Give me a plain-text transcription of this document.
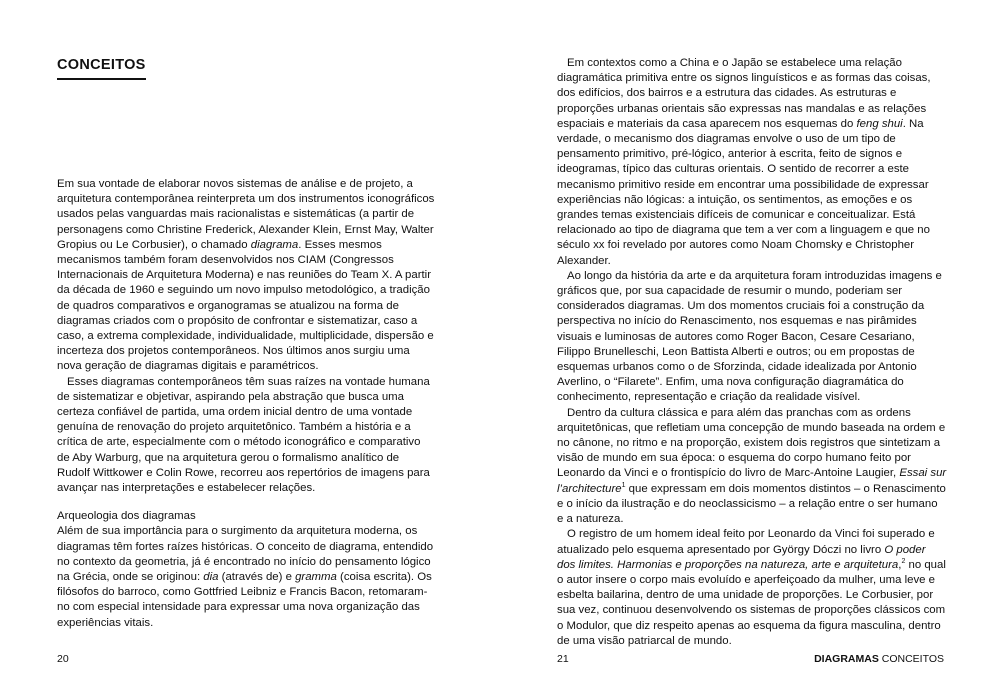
CONCEITOS

Em sua vontade de elaborar novos sistemas de análise e de projeto, a arquitetura contemporânea reinterpreta um dos instrumentos iconográficos usados pelas vanguardas mais racionalistas e sistemáticas (a partir de personagens como Christine Frederick, Alexander Klein, Ernst May, Walter Gropius ou Le Corbusier), o chamado diagrama. Esses mesmos mecanismos também foram desenvolvidos nos CIAM (Congressos Internacionais de Arquitetura Moderna) e nas reuniões do Team X. A partir da década de 1960 e seguindo um novo impulso metodológico, a tradição de quadros comparativos e organogramas se atualizou na forma de diagramas criados com o propósito de confrontar e sistematizar, caso a caso, a extrema complexidade, individualidade, multiplicidade, dispersão e incerteza dos projetos contemporâneos. Nos últimos anos surgiu uma nova geração de diagramas digitais e paramétricos.

Esses diagramas contemporâneos têm suas raízes na vontade humana de sistematizar e objetivar, aspirando pela abstração que busca uma certeza confiável de partida, uma ordem inicial dentro de uma vontade genuína de renovação do projeto arquitetônico. Também a história e a crítica de arte, especialmente com o método iconográfico e comparativo de Aby Warburg, que na arquitetura gerou o formalismo analítico de Rudolf Wittkower e Colin Rowe, recorreu aos repertórios de imagens para avançar nas interpretações e estabelecer relações.

Arqueologia dos diagramas

Além de sua importância para o surgimento da arquitetura moderna, os diagramas têm fortes raízes históricas. O conceito de diagrama, entendido no contexto da geometria, já é encontrado no início do pensamento lógico na Grécia, onde se originou: dia (através de) e gramma (coisa escrita). Os filósofos do barroco, como Gottfried Leibniz e Francis Bacon, retomaram-no com especial intensidade para expressar uma nova organização das experiências vitais.

20

Em contextos como a China e o Japão se estabelece uma relação diagramática primitiva entre os signos linguísticos e as formas das coisas, dos edifícios, dos bairros e a estrutura das cidades. As estruturas e proporções urbanas orientais são expressas nas mandalas e as relações espaciais e materiais da casa aparecem nos esquemas do feng shui. Na verdade, o mecanismo dos diagramas envolve o uso de um tipo de pensamento primitivo, pré-lógico, anterior à escrita, feito de signos e ideogramas, típico das culturas orientais. O sentido de recorrer a este mecanismo primitivo reside em encontrar uma possibilidade de expressar experiências não lógicas: a intuição, os sentimentos, as emoções e os grandes temas existenciais difíceis de comunicar e conceitualizar. Está relacionado ao tipo de diagrama que tem a ver com a linguagem e que no século xx foi revelado por autores como Noam Chomsky e Christopher Alexander.

Ao longo da história da arte e da arquitetura foram introduzidas imagens e gráficos que, por sua capacidade de resumir o mundo, poderiam ser considerados diagramas. Um dos momentos cruciais foi a construção da perspectiva no início do Renascimento, nos esquemas e nas pirâmides visuais e luminosas de autores como Roger Bacon, Cesare Cesariano, Filippo Brunelleschi, Leon Battista Alberti e outros; ou em propostas de esquemas urbanos como o de Sforzinda, cidade idealizada por Antonio Averlino, o “Filarete”. Enfim, uma nova configuração diagramática do conhecimento, representação e criação da realidade visível.

Dentro da cultura clássica e para além das pranchas com as ordens arquitetônicas, que refletiam uma concepção de mundo baseada na ordem e no cânone, no ritmo e na proporção, existem dois registros que sintetizam a visão de mundo em sua época: o esquema do corpo humano feito por Leonardo da Vinci e o frontispício do livro de Marc-Antoine Laugier, Essai sur l’architecture$^1$ que expressam em dois momentos distintos – o Renascimento e o início da ilustração e do neoclassicismo – a relação entre o ser humano e a natureza.

O registro de um homem ideal feito por Leonardo da Vinci foi superado e atualizado pelo esquema apresentado por György Dóczi no livro O poder dos limites. Harmonias e proporções na natureza, arte e arquitetura,$^2$ no qual o autor insere o corpo mais evoluído e aperfeiçoado da mulher, uma leve e esbelta bailarina, dentro de uma unidade de proporções. Le Corbusier, por sua vez, continuou desenvolvendo os sistemas de proporções clássicos com o Modulor, que diz respeito apenas ao esquema da figura masculina, dentro de uma visão patriarcal de mundo.

21	DIAGRAMAS CONCEITOS
